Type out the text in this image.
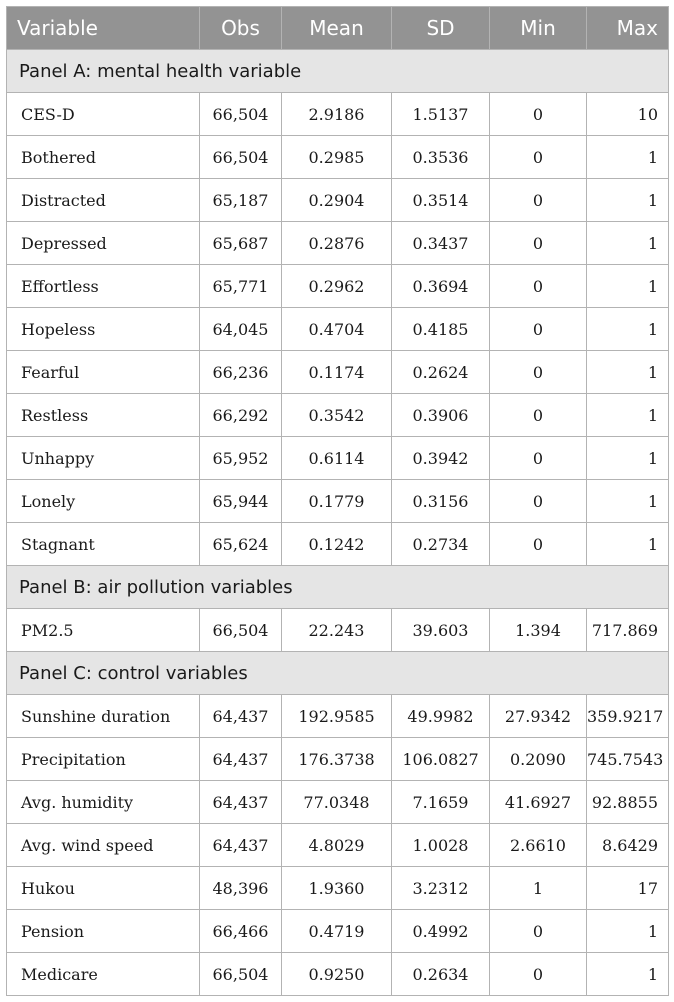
Variable	Obs	Mean	SD	Min	Max
Panel A: mental health variable					
CES-D	66,504	2.9186	1.5137	0	10
Bothered	66,504	0.2985	0.3536	0	1
Distracted	65,187	0.2904	0.3514	0	1
Depressed	65,687	0.2876	0.3437	0	1
Effortless	65,771	0.2962	0.3694	0	1
Hopeless	64,045	0.4704	0.4185	0	1
Fearful	66,236	0.1174	0.2624	0	1
Restless	66,292	0.3542	0.3906	0	1
Unhappy	65,952	0.6114	0.3942	0	1
Lonely	65,944	0.1779	0.3156	0	1
Stagnant	65,624	0.1242	0.2734	0	1
Panel B: air pollution variables					
PM2.5	66,504	22.243	39.603	1.394	717.869
Panel C: control variables					
Sunshine duration	64,437	192.9585	49.9982	27.9342	359.9217
Precipitation	64,437	176.3738	106.0827	0.2090	745.7543
Avg. humidity	64,437	77.0348	7.1659	41.6927	92.8855
Avg. wind speed	64,437	4.8029	1.0028	2.6610	8.6429
Hukou	48,396	1.9360	3.2312	1	17
Pension	66,466	0.4719	0.4992	0	1
Medicare	66,504	0.9250	0.2634	0	1
